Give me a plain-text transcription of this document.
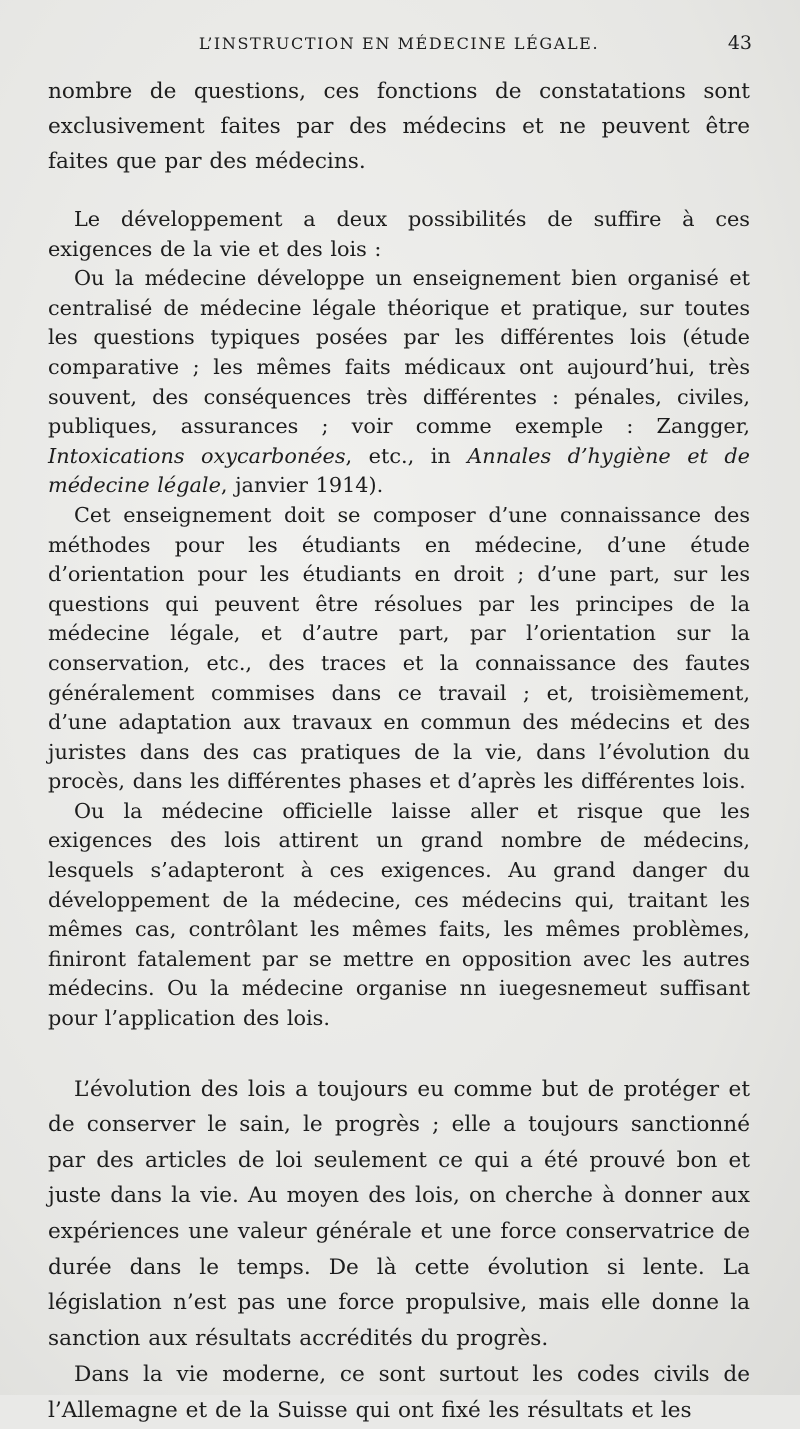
L’INSTRUCTION EN MÉDECINE LÉGALE.	43

nombre de questions, ces fonctions de constatations sont exclusivement faites par des médecins et ne peuvent être faites que par des médecins.

Le développement a deux possibilités de suffire à ces exigences de la vie et des lois :

Ou la médecine développe un enseignement bien organisé et centralisé de médecine légale théorique et pratique, sur toutes les questions typiques posées par les différentes lois (étude comparative ; les mêmes faits médicaux ont aujourd’hui, très souvent, des conséquences très différentes : pénales, civiles, publiques, assurances ; voir comme exemple : Zangger, Intoxications oxycarbonées, etc., in Annales d’hygiène et de médecine légale, janvier 1914).

Cet enseignement doit se composer d’une connaissance des méthodes pour les étudiants en médecine, d’une étude d’orientation pour les étudiants en droit ; d’une part, sur les questions qui peuvent être résolues par les principes de la médecine légale, et d’autre part, par l’orientation sur la conservation, etc., des traces et la connaissance des fautes généralement commises dans ce travail ; et, troisièmement, d’une adaptation aux travaux en commun des médecins et des juristes dans des cas pratiques de la vie, dans l’évolution du procès, dans les différentes phases et d’après les différentes lois.

Ou la médecine officielle laisse aller et risque que les exigences des lois attirent un grand nombre de médecins, lesquels s’adapteront à ces exigences. Au grand danger du développement de la médecine, ces médecins qui, traitant les mêmes cas, contrôlant les mêmes faits, les mêmes problèmes, finiront fatalement par se mettre en opposition avec les autres médecins. Ou la médecine organise nn iuegesnemeut suffisant pour l’application des lois.

L’évolution des lois a toujours eu comme but de protéger et de conserver le sain, le progrès ; elle a toujours sanctionné par des articles de loi seulement ce qui a été prouvé bon et juste dans la vie. Au moyen des lois, on cherche à donner aux expériences une valeur générale et une force conservatrice de durée dans le temps. De là cette évolution si lente. La législation n’est pas une force propulsive, mais elle donne la sanction aux résultats accrédités du progrès.

Dans la vie moderne, ce sont surtout les codes civils de l’Allemagne et de la Suisse qui ont fixé les résultats et les
